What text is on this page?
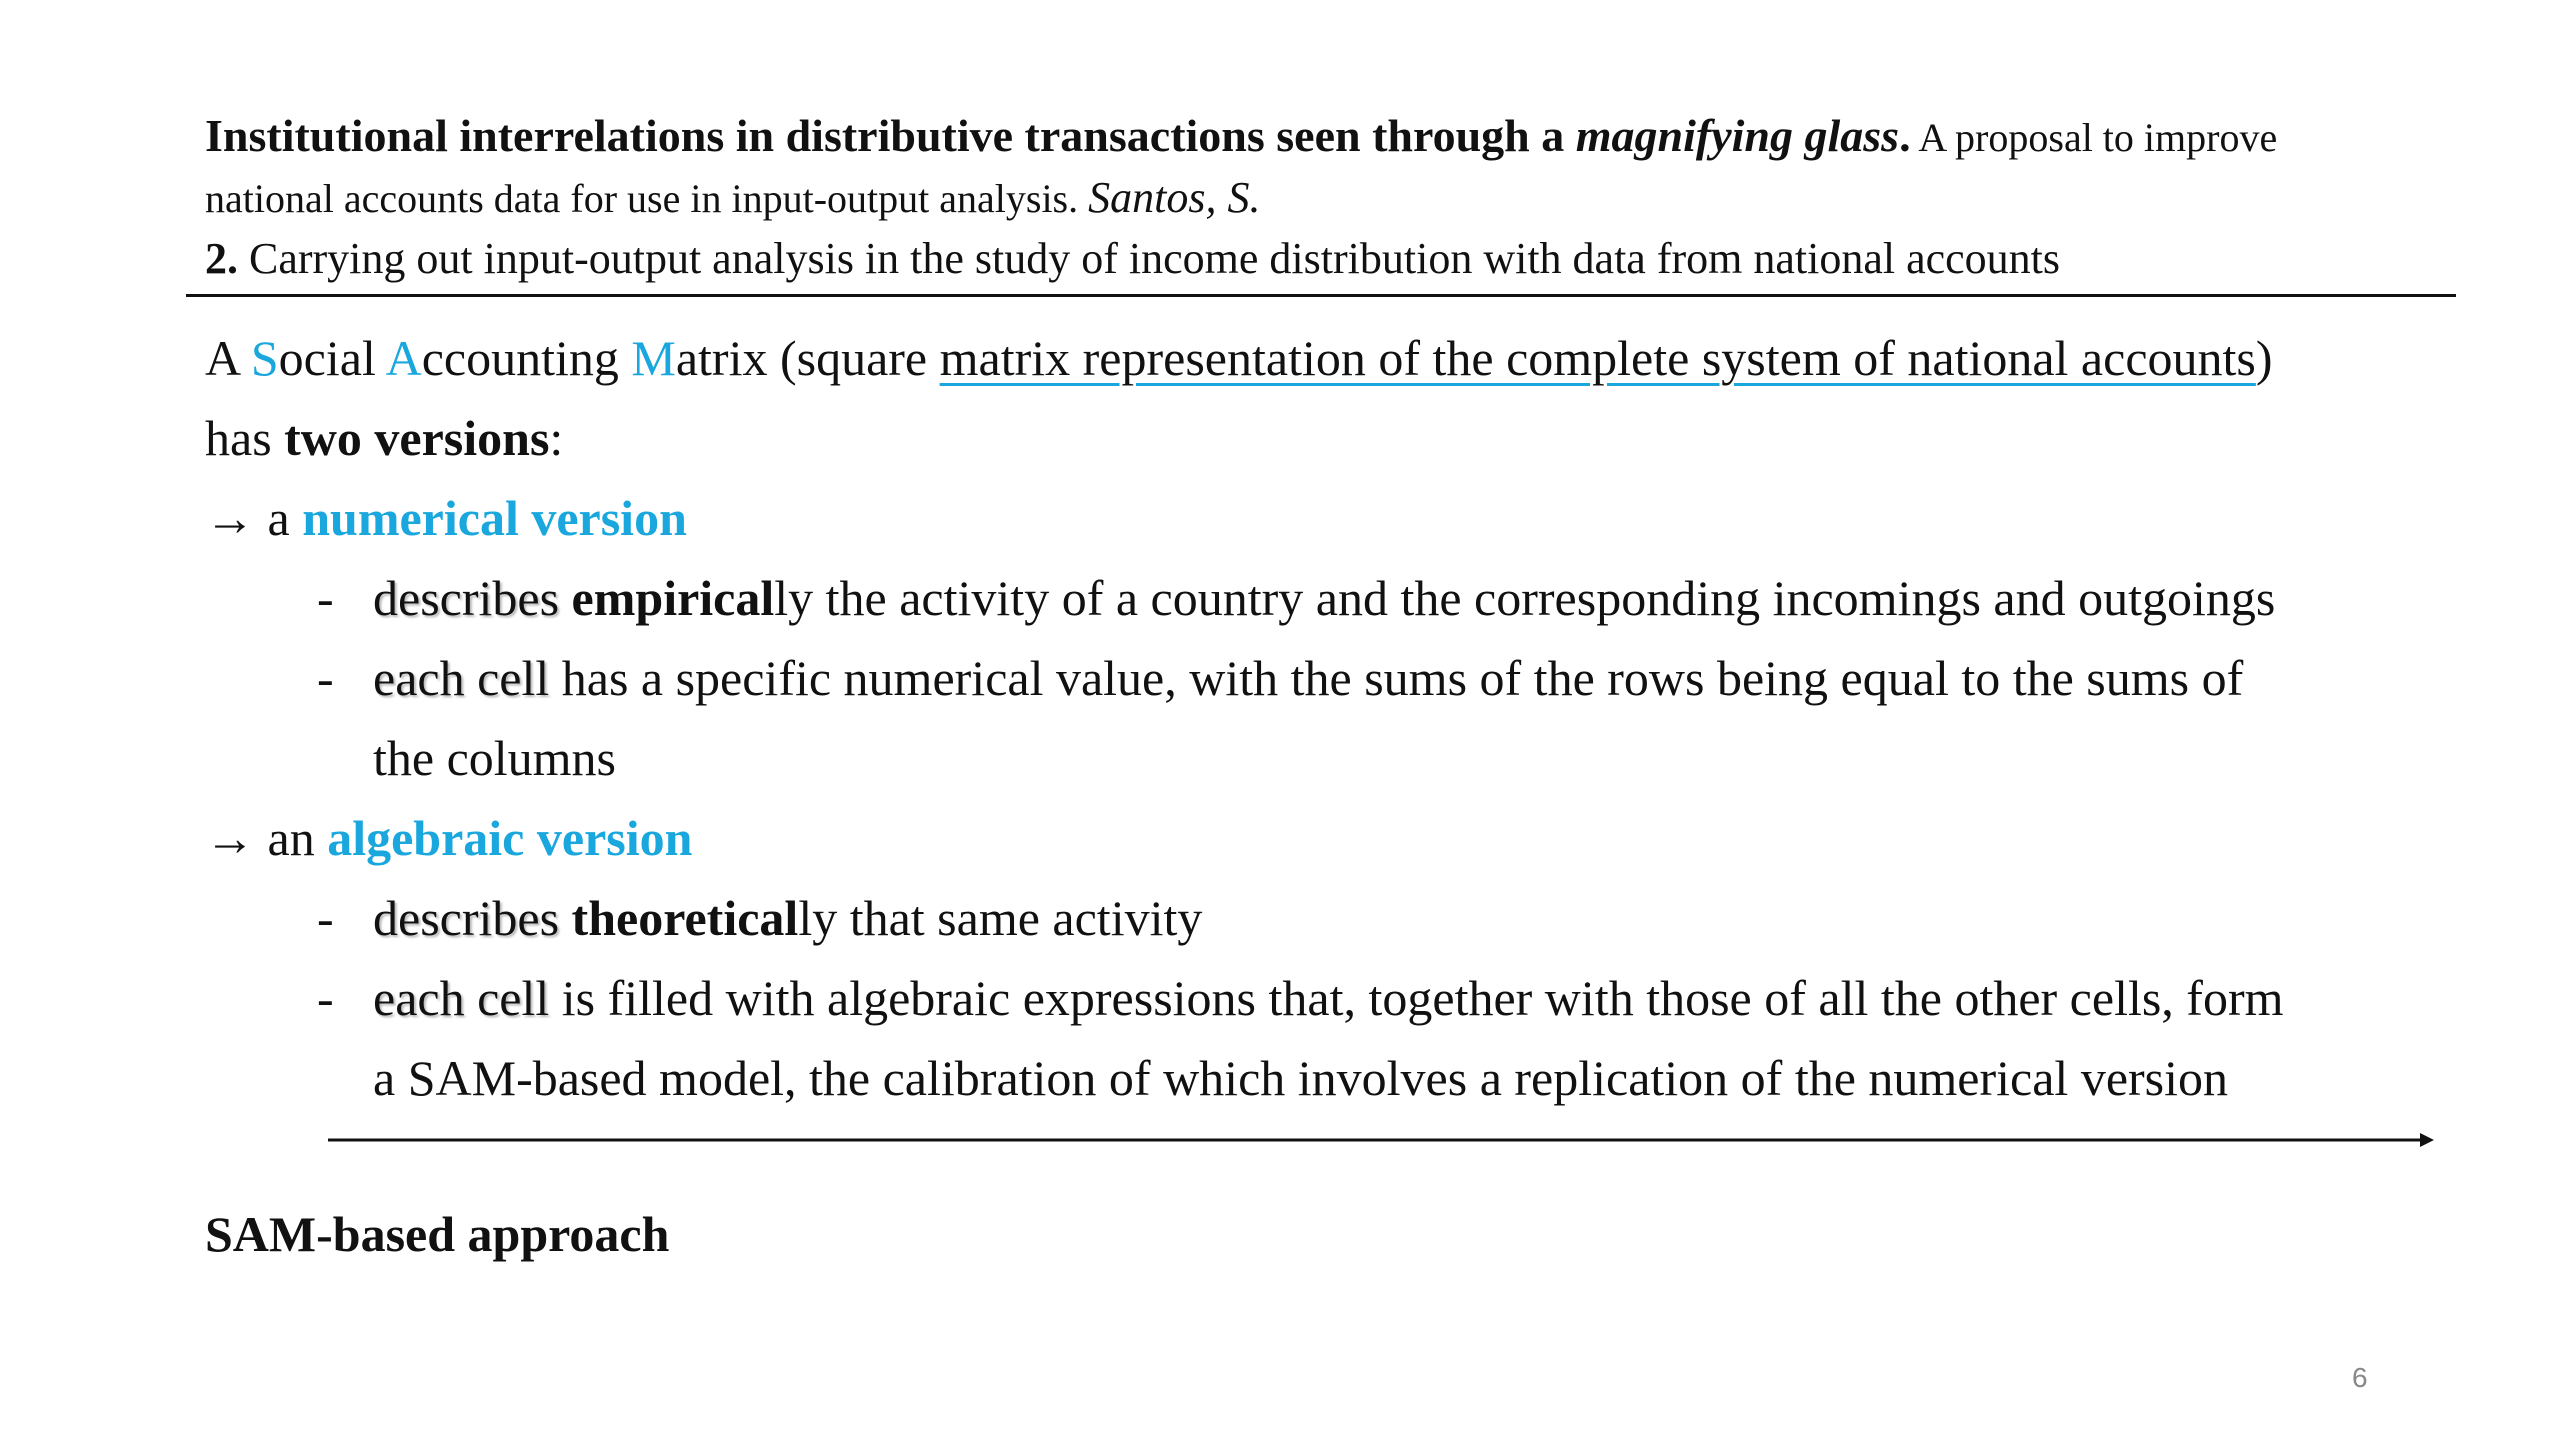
Institutional interrelations in distributive transactions seen through a magnifying glass. A proposal to improve
national accounts data for use in input-output analysis. Santos, S.
2. Carrying out input-output analysis in the study of income distribution with data from national accounts
A Social Accounting Matrix (square matrix representation of the complete system of national accounts)
has two versions:
→ a numerical version
- describes empirically the activity of a country and the corresponding incomings and outgoings
- each cell has a specific numerical value, with the sums of the rows being equal to the sums of
the columns
→ an algebraic version
- describes theoretically that same activity
- each cell is filled with algebraic expressions that, together with those of all the other cells, form
a SAM-based model, the calibration of which involves a replication of the numerical version
SAM-based approach
6
